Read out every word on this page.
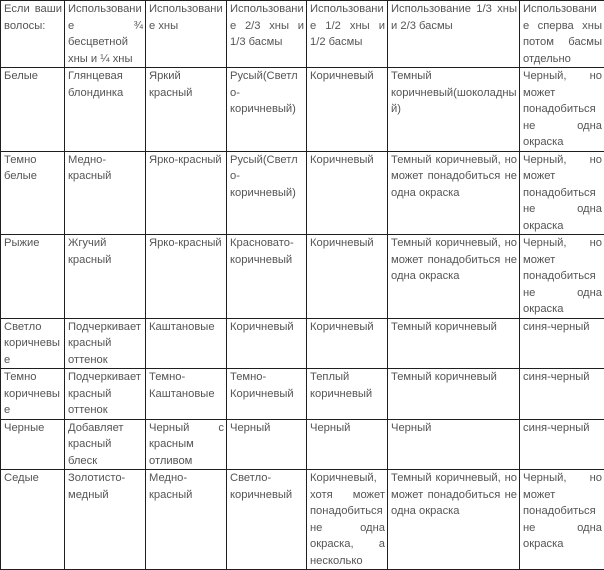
Если ваши волосы:	Использование ¾ бесцветной хны и ¼ хны	Использование хны	Использование 2/3 хны и 1/3 басмы	Использование 1/2 хны и 1/2 басмы	Использование 1/3 хны и 2/3 басмы	Использование сперва хны потом басмы отдельно
Белые	Глянцевая блондинка	Яркий красный	Русый(Светло-коричневый)	Коричневый	Темный коричневый(шоколадный)	Черный, но может понадобиться не одна окраска
Темно белые	Медно-красный	Ярко-красный	Русый(Светло-коричневый)	Коричневый	Темный коричневый, но может понадобиться не одна окраска	Черный, но может понадобиться не одна окраска
Рыжие	Жгучий красный	Ярко-красный	Красновато-коричневый	Коричневый	Темный коричневый, но может понадобиться не одна окраска	Черный, но может понадобиться не одна окраска
Светло коричневые	Подчеркивает красный оттенок	Каштановые	Коричневый	Коричневый	Темный коричневый	синя-черный
Темно коричневые	Подчеркивает красный оттенок	Темно-Каштановые	Темно-Коричневый	Теплый коричневый	Темный коричневый	синя-черный
Черные	Добавляет красный блеск	Черный с красным отливом	Черный	Черный	Черный	синя-черный
Седые	Золотисто-медный	Медно-красный	Светло-коричневый	Коричневый, хотя может понадобиться не одна окраска, а несколько	Темный коричневый, но может понадобиться не одна окраска	Черный, но может понадобиться не одна окраска
